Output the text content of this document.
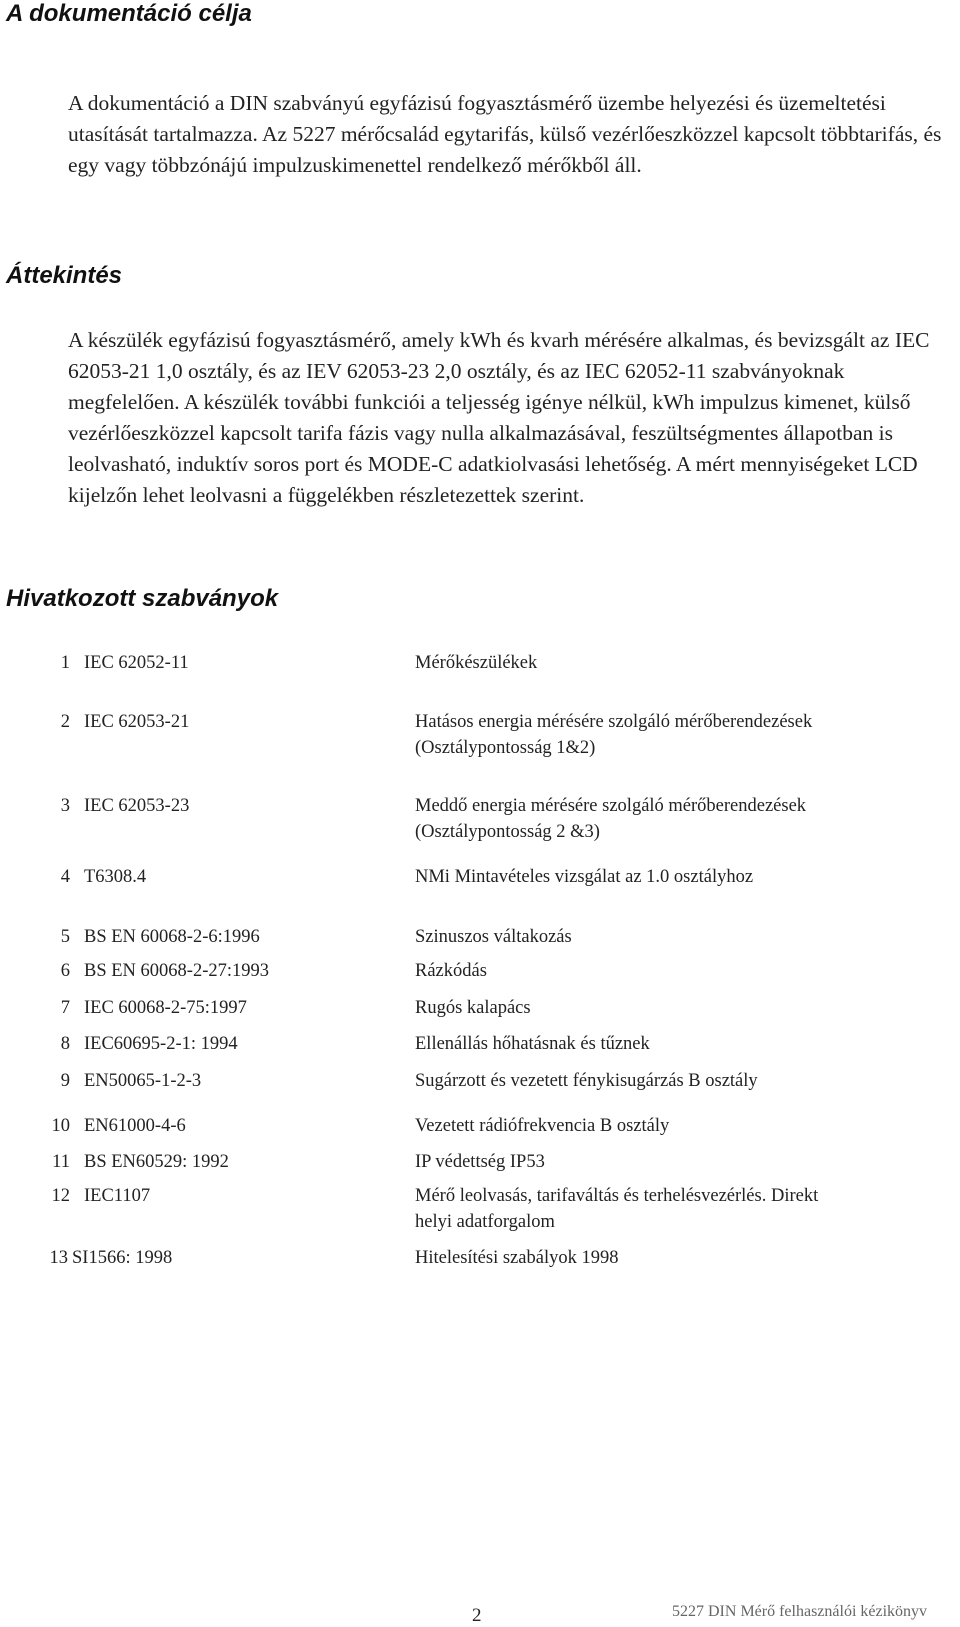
A dokumentáció célja

A dokumentáció a DIN szabványú egyfázisú fogyasztásmérő üzembe helyezési és üzemeltetési utasítását tartalmazza. Az 5227 mérőcsalád egytarifás, külső vezérlőeszközzel kapcsolt többtarifás, és egy vagy többzónájú impulzuskimenettel rendelkező mérőkből áll.

Áttekintés

A készülék egyfázisú fogyasztásmérő, amely kWh és kvarh mérésére alkalmas, és bevizsgált az IEC 62053-21 1,0 osztály, és az IEV 62053-23 2,0 osztály, és az IEC 62052-11 szabványoknak megfelelően. A készülék további funkciói a teljesség igénye nélkül, kWh impulzus kimenet, külső vezérlőeszközzel kapcsolt tarifa fázis vagy nulla alkalmazásával, feszültségmentes állapotban is leolvasható, induktív soros port és MODE-C adatkiolvasási lehetőség. A mért mennyiségeket LCD kijelzőn lehet leolvasni a függelékben részletezettek szerint.

Hivatkozott szabványok
1 IEC 62052-11	Mérőkészülékek
2 IEC 62053-21	Hatásos energia mérésére szolgáló mérőberendezések (Osztálypontosság 1&2)
3 IEC 62053-23	Meddő energia mérésére szolgáló mérőberendezések (Osztálypontosság 2 &3)
4 T6308.4	NMi Mintavételes vizsgálat az 1.0 osztályhoz
5 BS EN 60068-2-6:1996	Szinuszos váltakozás
6 BS EN 60068-2-27:1993	Rázkódás
7 IEC 60068-2-75:1997	Rugós kalapács
8 IEC60695-2-1: 1994	Ellenállás hőhatásnak és tűznek
9 EN50065-1-2-3	Sugárzott és vezetett fénykisugárzás B osztály
10 EN61000-4-6	Vezetett rádiófrekvencia B osztály
11 BS EN60529: 1992	IP védettség IP53
12 IEC1107	Mérő leolvasás, tarifaváltás és terhelésvezérlés. Direkt helyi adatforgalom
13 SI1566: 1998	Hitelesítési szabályok 1998
2	5227 DIN Mérő felhasználói kézikönyv
